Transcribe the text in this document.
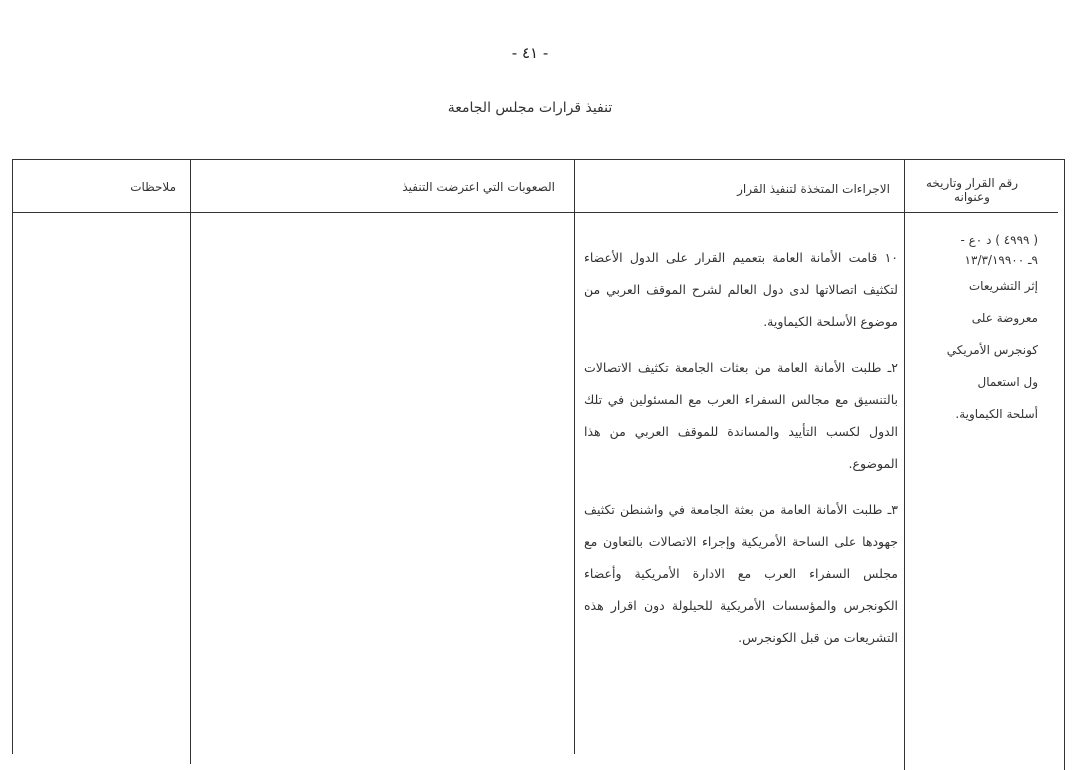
- ٤١ -
تنفيذ قرارات مجلس الجامعة
رقم القرار وتاريخه وعنوانه
الاجراءات المتخذة لتنفيذ القرار
الصعوبات التي اعترضت التنفيذ
ملاحظات
( ٤٩٩٩ ) د ٠ع -
٩ـ ١٣/٣/١٩٩٠٠
إثر التشريعات
معروضة على
كونجرس الأمريكي
ول استعمال
أسلحة الكيماوية.

١٠ قامت الأمانة العامة بتعميم القرار على الدول الأعضاء لتكثيف اتصالاتها لدى دول العالم لشرح الموقف العربي من موضوع الأسلحة الكيماوية.

٢ـ طلبت الأمانة العامة من بعثات الجامعة تكثيف الاتصالات بالتنسيق مع مجالس السفراء العرب مع المسئولين في تلك الدول لكسب التأييد والمساندة للموقف العربي من هذا الموضوع.

٣ـ طلبت الأمانة العامة من بعثة الجامعة في واشنطن تكثيف جهودها على الساحة الأمريكية وإجراء الاتصالات بالتعاون مع مجلس السفراء العرب مع الادارة الأمريكية وأعضاء الكونجرس والمؤسسات الأمريكية للحيلولة دون اقرار هذه التشريعات من قبل الكونجرس.
